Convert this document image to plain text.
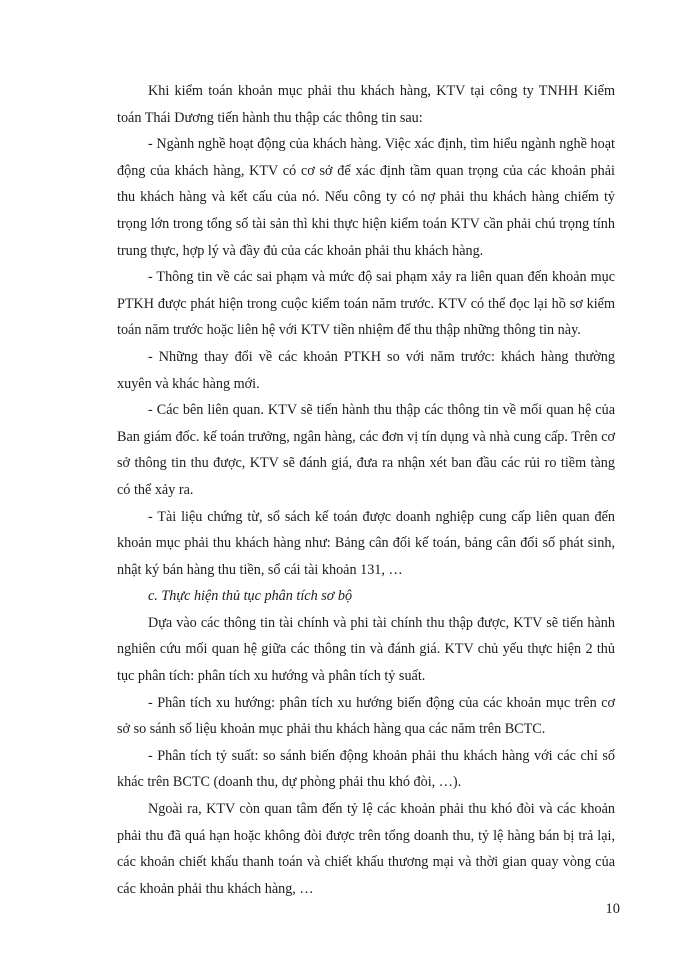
Khi kiểm toán khoản mục phải thu khách hàng, KTV tại công ty TNHH Kiểm toán Thái Dương tiến hành thu thập các thông tin sau:

- Ngành nghề hoạt động của khách hàng. Việc xác định, tìm hiểu ngành nghề hoạt động của khách hàng, KTV có cơ sở để xác định tầm quan trọng của các khoản phải thu khách hàng và kết cấu của nó. Nếu công ty có nợ phải thu khách hàng chiếm tỷ trọng lớn trong tổng số tài sản thì khi thực hiện kiểm toán KTV cần phải chú trọng tính trung thực, hợp lý và đầy đủ của các khoản phải thu khách hàng.

- Thông tin về các sai phạm và mức độ sai phạm xảy ra liên quan đến khoản mục PTKH được phát hiện trong cuộc kiểm toán năm trước. KTV có thể đọc lại hồ sơ kiểm toán năm trước hoặc liên hệ với KTV tiền nhiệm để thu thập những thông tin này.

- Những thay đổi về các khoản PTKH so với năm trước: khách hàng thường xuyên và khác hàng mới.

- Các bên liên quan. KTV sẽ tiến hành thu thập các thông tin về mối quan hệ của Ban giám đốc. kế toán trưởng, ngân hàng, các đơn vị tín dụng và nhà cung cấp. Trên cơ sở thông tin thu được, KTV sẽ đánh giá, đưa ra nhận xét ban đầu các rủi ro tiềm tàng có thể xảy ra.

- Tài liệu chứng từ, sổ sách kế toán được doanh nghiệp cung cấp liên quan đến khoản mục phải thu khách hàng như: Bảng cân đối kế toán, bảng cân đối số phát sinh, nhật ký bán hàng thu tiền, sổ cái tài khoản 131, …

c. Thực hiện thủ tục phân tích sơ bộ

Dựa vào các thông tin tài chính và phi tài chính thu thập được, KTV sẽ tiến hành nghiên cứu mối quan hệ giữa các thông tin và đánh giá. KTV chủ yếu thực hiện 2 thủ tục phân tích: phân tích xu hướng và phân tích tỷ suất.

- Phân tích xu hướng: phân tích xu hướng biến động của các khoản mục trên cơ sở so sánh số liệu khoản mục phải thu khách hàng qua các năm trên BCTC.

- Phân tích tỷ suất: so sánh biến động khoản phải thu khách hàng với các chỉ số khác trên BCTC (doanh thu, dự phòng phải thu khó đòi, …).

Ngoài ra, KTV còn quan tâm đến tỷ lệ các khoản phải thu khó đòi và các khoản phải thu đã quá hạn hoặc không đòi được trên tổng doanh thu, tỷ lệ hàng bán bị trả lại, các khoản chiết khấu thanh toán và chiết khấu thương mại và thời gian quay vòng của các khoản phải thu khách hàng, …

10
